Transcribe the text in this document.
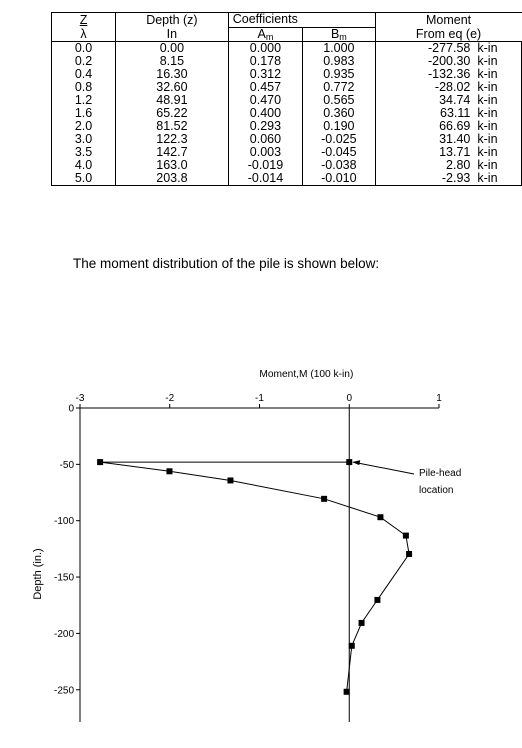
Z	Depth (z)	Coefficients		Moment	
λ	In	$A_m$	$B_m$	From eq (e)	
0.0	0.00	0.000	1.000	-277.58	k-in
0.2	8.15	0.178	0.983	-200.30	k-in
0.4	16.30	0.312	0.935	-132.36	k-in
0.8	32.60	0.457	0.772	-28.02	k-in
1.2	48.91	0.470	0.565	34.74	k-in
1.6	65.22	0.400	0.360	63.11	k-in
2.0	81.52	0.293	0.190	66.69	k-in
3.0	122.3	0.060	-0.025	31.40	k-in
3.5	142.7	0.003	-0.045	13.71	k-in
4.0	163.0	-0.019	-0.038	2.80	k-in
5.0	203.8	-0.014	-0.010	-2.93	k-in

The moment distribution of the pile is shown below:

-3	-2	-1	0	1
0
-50
-100
-150
-200
-250
Moment,M (100 k-in)
Depth (in.)
Pile-head
location
